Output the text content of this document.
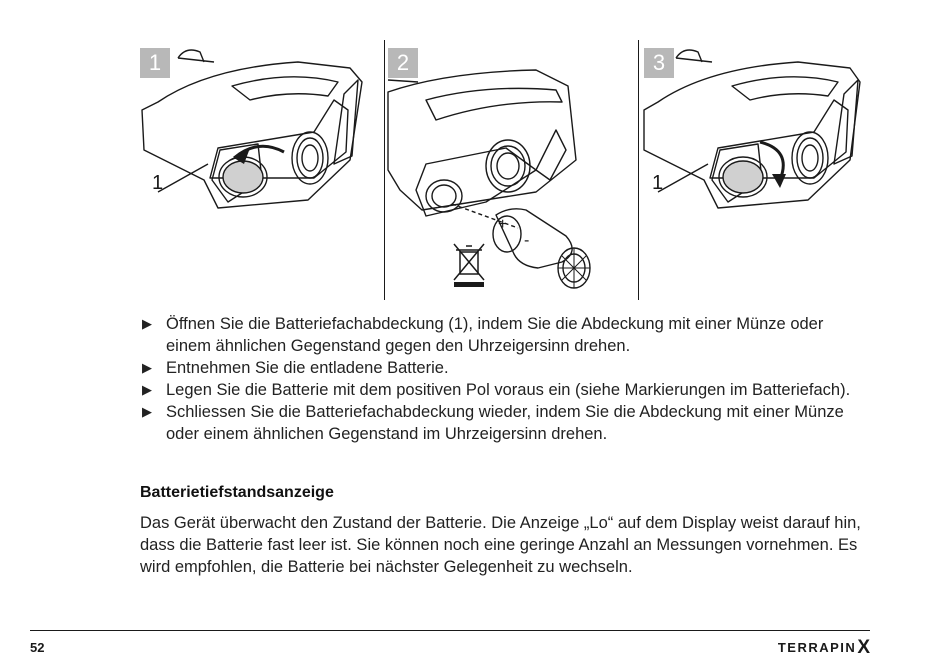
1
1
2
+
-
3
1
▶ Öffnen Sie die Batteriefachabdeckung (1), indem Sie die Abdeckung mit einer Münze oder einem ähnlichen Gegenstand gegen den Uhrzeigersinn drehen.
▶ Entnehmen Sie die entladene Batterie.
▶ Legen Sie die Batterie mit dem positiven Pol voraus ein (siehe Markierungen im Batteriefach).
▶ Schliessen Sie die Batteriefachabdeckung wieder, indem Sie die Abdeckung mit einer Münze oder einem ähnlichen Gegenstand im Uhrzeigersinn drehen.
Batterietiefstandsanzeige

Das Gerät überwacht den Zustand der Batterie. Die Anzeige „Lo“ auf dem Display weist darauf hin, dass die Batterie fast leer ist. Sie können noch eine geringe Anzahl an Messungen vornehmen. Es wird empfohlen, die Batterie bei nächster Gelegenheit zu wechseln.

52	TERRAPIN X
